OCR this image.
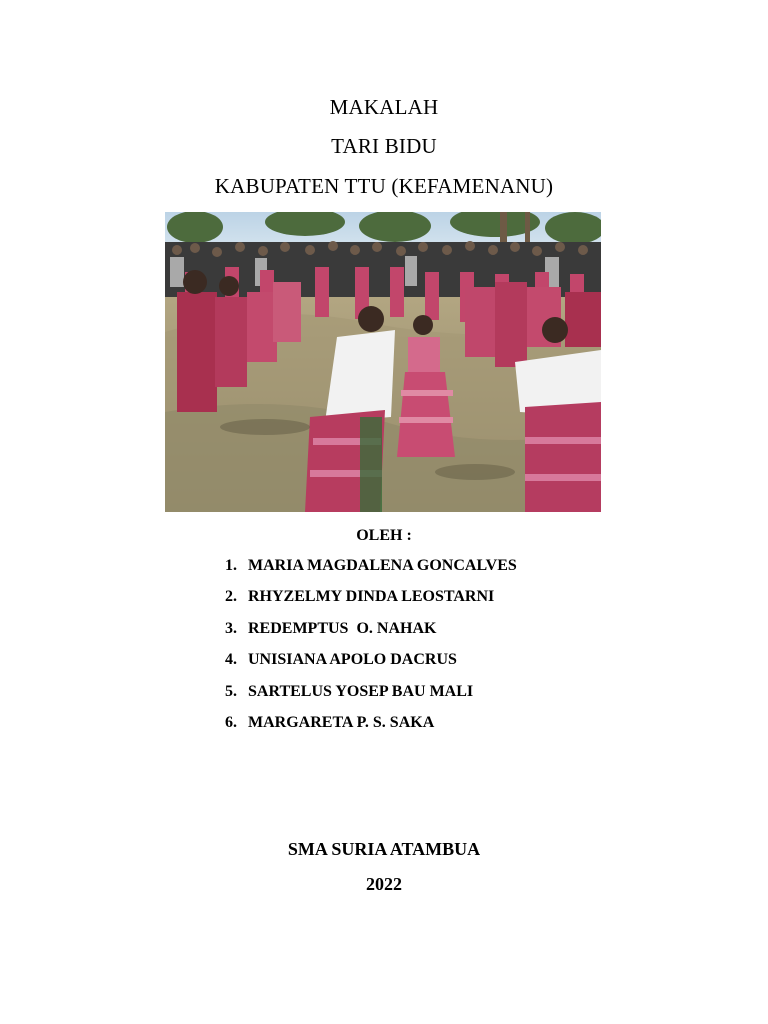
MAKALAH
TARI BIDU
KABUPATEN TTU (KEFAMENANU)
OLEH :
1. MARIA MAGDALENA GONCALVES
2. RHYZELMY DINDA LEOSTARNI
3. REDEMPTUS  O. NAHAK
4. UNISIANA APOLO DACRUS
5. SARTELUS YOSEP BAU MALI
6. MARGARETA P. S. SAKA
SMA SURIA ATAMBUA
2022
